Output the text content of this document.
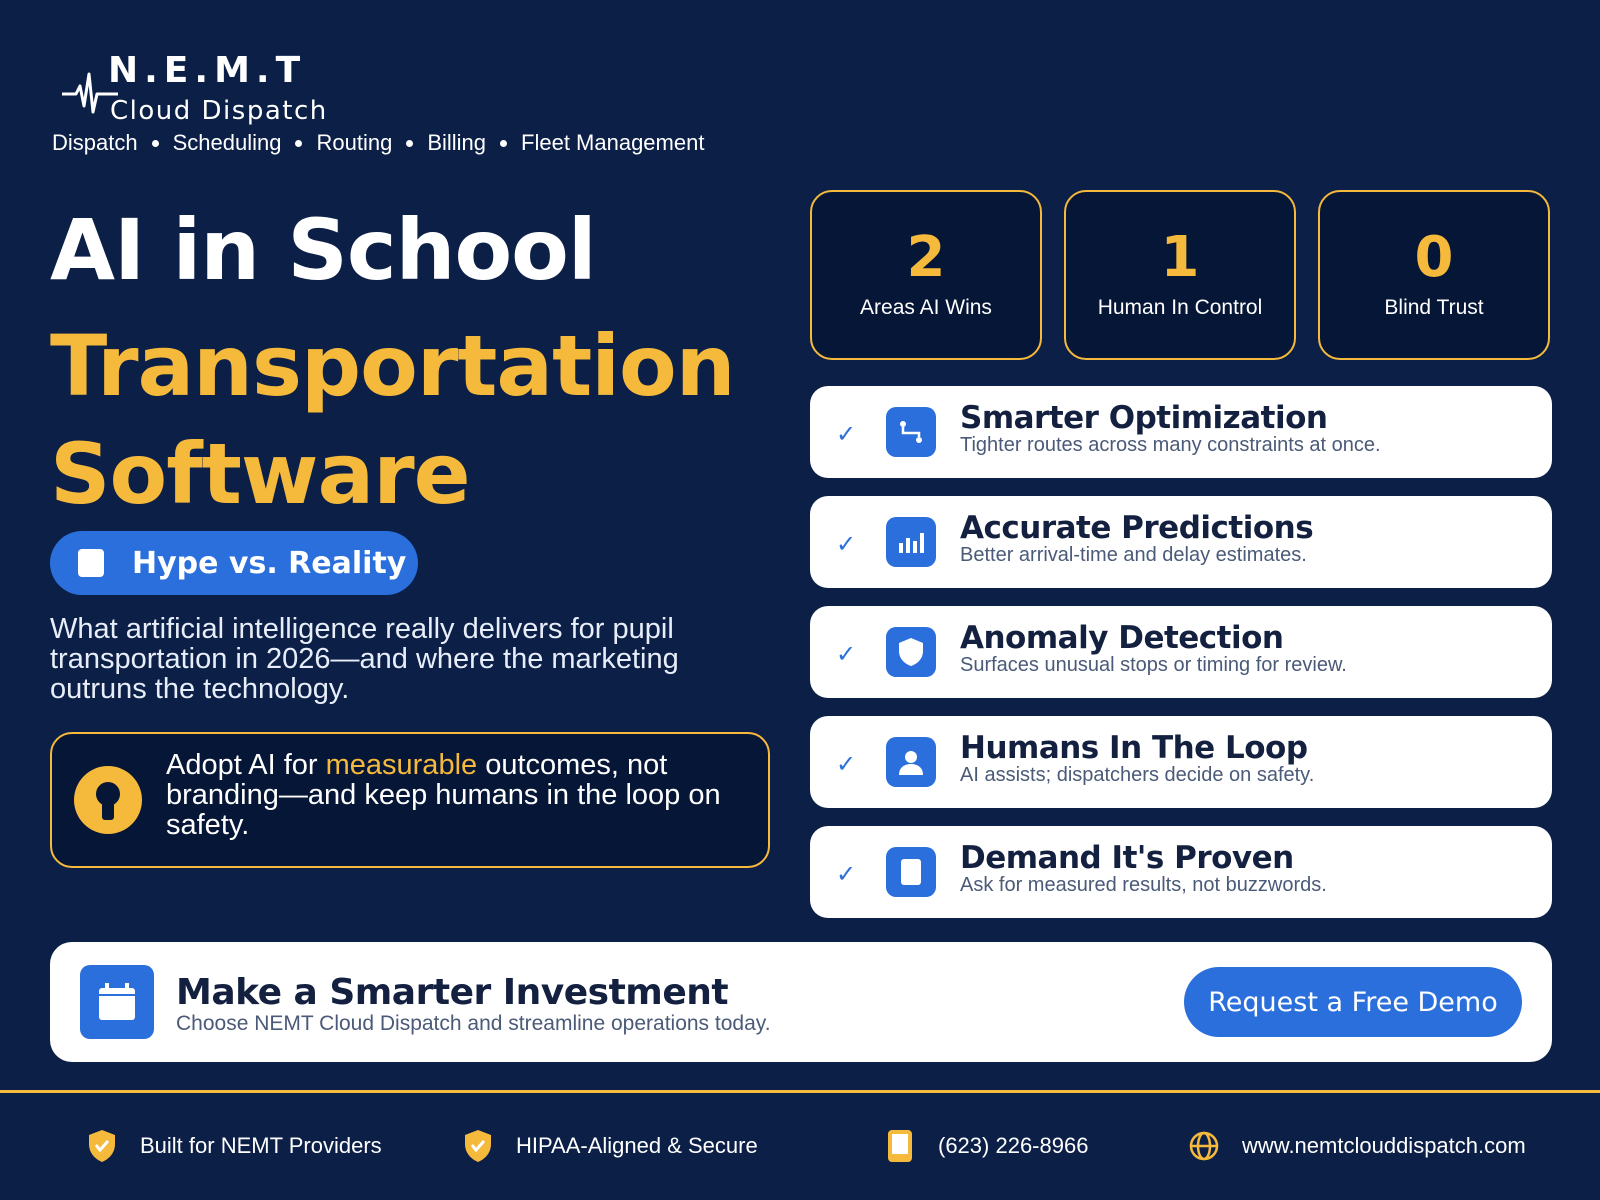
N.E.M.T
Cloud Dispatch
Dispatch Scheduling Routing Billing Fleet Management
AI in School
Transportation
Software
Hype vs. Reality
What artificial intelligence really delivers for pupil transportation in 2026—and where the marketing outruns the technology.
Adopt AI for measurable outcomes, not branding—and keep humans in the loop on safety.
2
Areas AI Wins
1
Human In Control
0
Blind Trust
✓	Smarter Optimization
Tighter routes across many constraints at once.
✓	Accurate Predictions
Better arrival-time and delay estimates.
✓	Anomaly Detection
Surfaces unusual stops or timing for review.
✓	Humans In The Loop
AI assists; dispatchers decide on safety.
✓	Demand It's Proven
Ask for measured results, not buzzwords.
Make a Smarter Investment
Choose NEMT Cloud Dispatch and streamline operations today.
Request a Free Demo
Built for NEMT Providers	HIPAA-Aligned & Secure	(623) 226-8966	www.nemtclouddispatch.com
